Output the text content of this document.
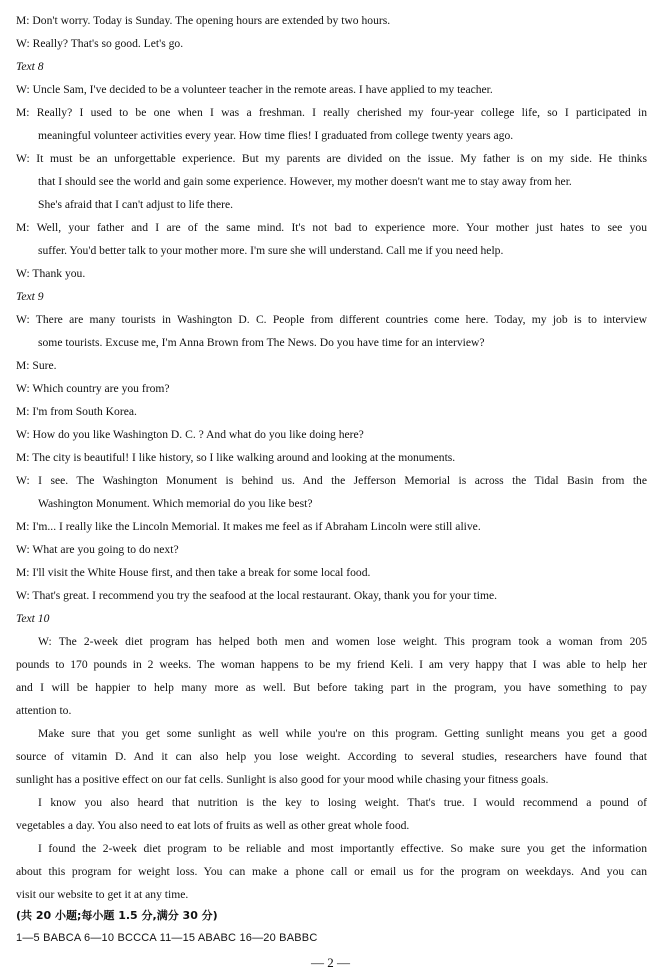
M: Don't worry. Today is Sunday. The opening hours are extended by two hours.
W: Really? That's so good. Let's go.
Text 8
W: Uncle Sam, I've decided to be a volunteer teacher in the remote areas. I have applied to my teacher.
M: Really? I used to be one when I was a freshman. I really cherished my four-year college life, so I participated in
meaningful volunteer activities every year. How time flies! I graduated from college twenty years ago.
W: It must be an unforgettable experience. But my parents are divided on the issue. My father is on my side. He thinks
that I should see the world and gain some experience. However, my mother doesn't want me to stay away from her.
She's afraid that I can't adjust to life there.
M: Well, your father and I are of the same mind. It's not bad to experience more. Your mother just hates to see you
suffer. You'd better talk to your mother more. I'm sure she will understand. Call me if you need help.
W: Thank you.
Text 9
W: There are many tourists in Washington D. C. People from different countries come here. Today, my job is to interview
some tourists. Excuse me, I'm Anna Brown from The News. Do you have time for an interview?
M: Sure.
W: Which country are you from?
M: I'm from South Korea.
W: How do you like Washington D. C. ? And what do you like doing here?
M: The city is beautiful! I like history, so I like walking around and looking at the monuments.
W: I see. The Washington Monument is behind us. And the Jefferson Memorial is across the Tidal Basin from the
Washington Monument. Which memorial do you like best?
M: I'm... I really like the Lincoln Memorial. It makes me feel as if Abraham Lincoln were still alive.
W: What are you going to do next?
M: I'll visit the White House first, and then take a break for some local food.
W: That's great. I recommend you try the seafood at the local restaurant. Okay, thank you for your time.
Text 10
W: The 2-week diet program has helped both men and women lose weight. This program took a woman from 205
pounds to 170 pounds in 2 weeks. The woman happens to be my friend Keli. I am very happy that I was able to help her
and I will be happier to help many more as well. But before taking part in the program, you have something to pay
attention to.
Make sure that you get some sunlight as well while you're on this program. Getting sunlight means you get a good
source of vitamin D. And it can also help you lose weight. According to several studies, researchers have found that
sunlight has a positive effect on our fat cells. Sunlight is also good for your mood while chasing your fitness goals.
I know you also heard that nutrition is the key to losing weight. That's true. I would recommend a pound of
vegetables a day. You also need to eat lots of fruits as well as other great whole food.
I found the 2-week diet program to be reliable and most importantly effective. So make sure you get the information
about this program for weight loss. You can make a phone call or email us for the program on weekdays. And you can
visit our website to get it at any time.
(共 20 小题;每小题 1.5 分,满分 30 分)
1—5 BABCA 6—10 BCCCA 11—15 ABABC 16—20 BABBC
— 2 —
